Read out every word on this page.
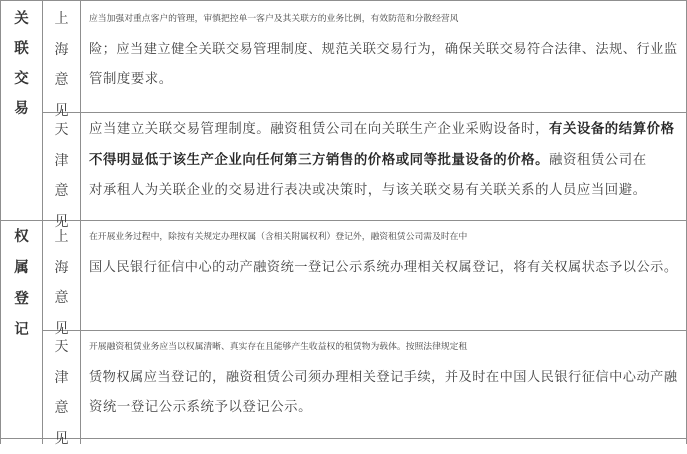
关
联
交
易
上
海
意
见
应当加强对重点客户的管理，审慎把控单一客户及其关联方的业务比例，有效防范和分散经营风
险；应当建立健全关联交易管理制度、规范关联交易行为，确保关联交易符合法律、法规、行业监
管制度要求。
天
津
意
见
应当建立关联交易管理制度。融资租赁公司在向关联生产企业采购设备时，有关设备的结算价格
不得明显低于该生产企业向任何第三方销售的价格或同等批量设备的价格。融资租赁公司在
对承租人为关联企业的交易进行表决或决策时，与该关联交易有关联关系的人员应当回避。
权
属
登
记
上
海
意
见
在开展业务过程中，除按有关规定办理权属（含相关附属权利）登记外，融资租赁公司需及时在中
国人民银行征信中心的动产融资统一登记公示系统办理相关权属登记，将有关权属状态予以公示。
天
津
意
见
开展融资租赁业务应当以权属清晰、真实存在且能够产生收益权的租赁物为载体。按照法律规定租
赁物权属应当登记的，融资租赁公司须办理相关登记手续，并及时在中国人民银行征信中心动产融
资统一登记公示系统予以登记公示。
